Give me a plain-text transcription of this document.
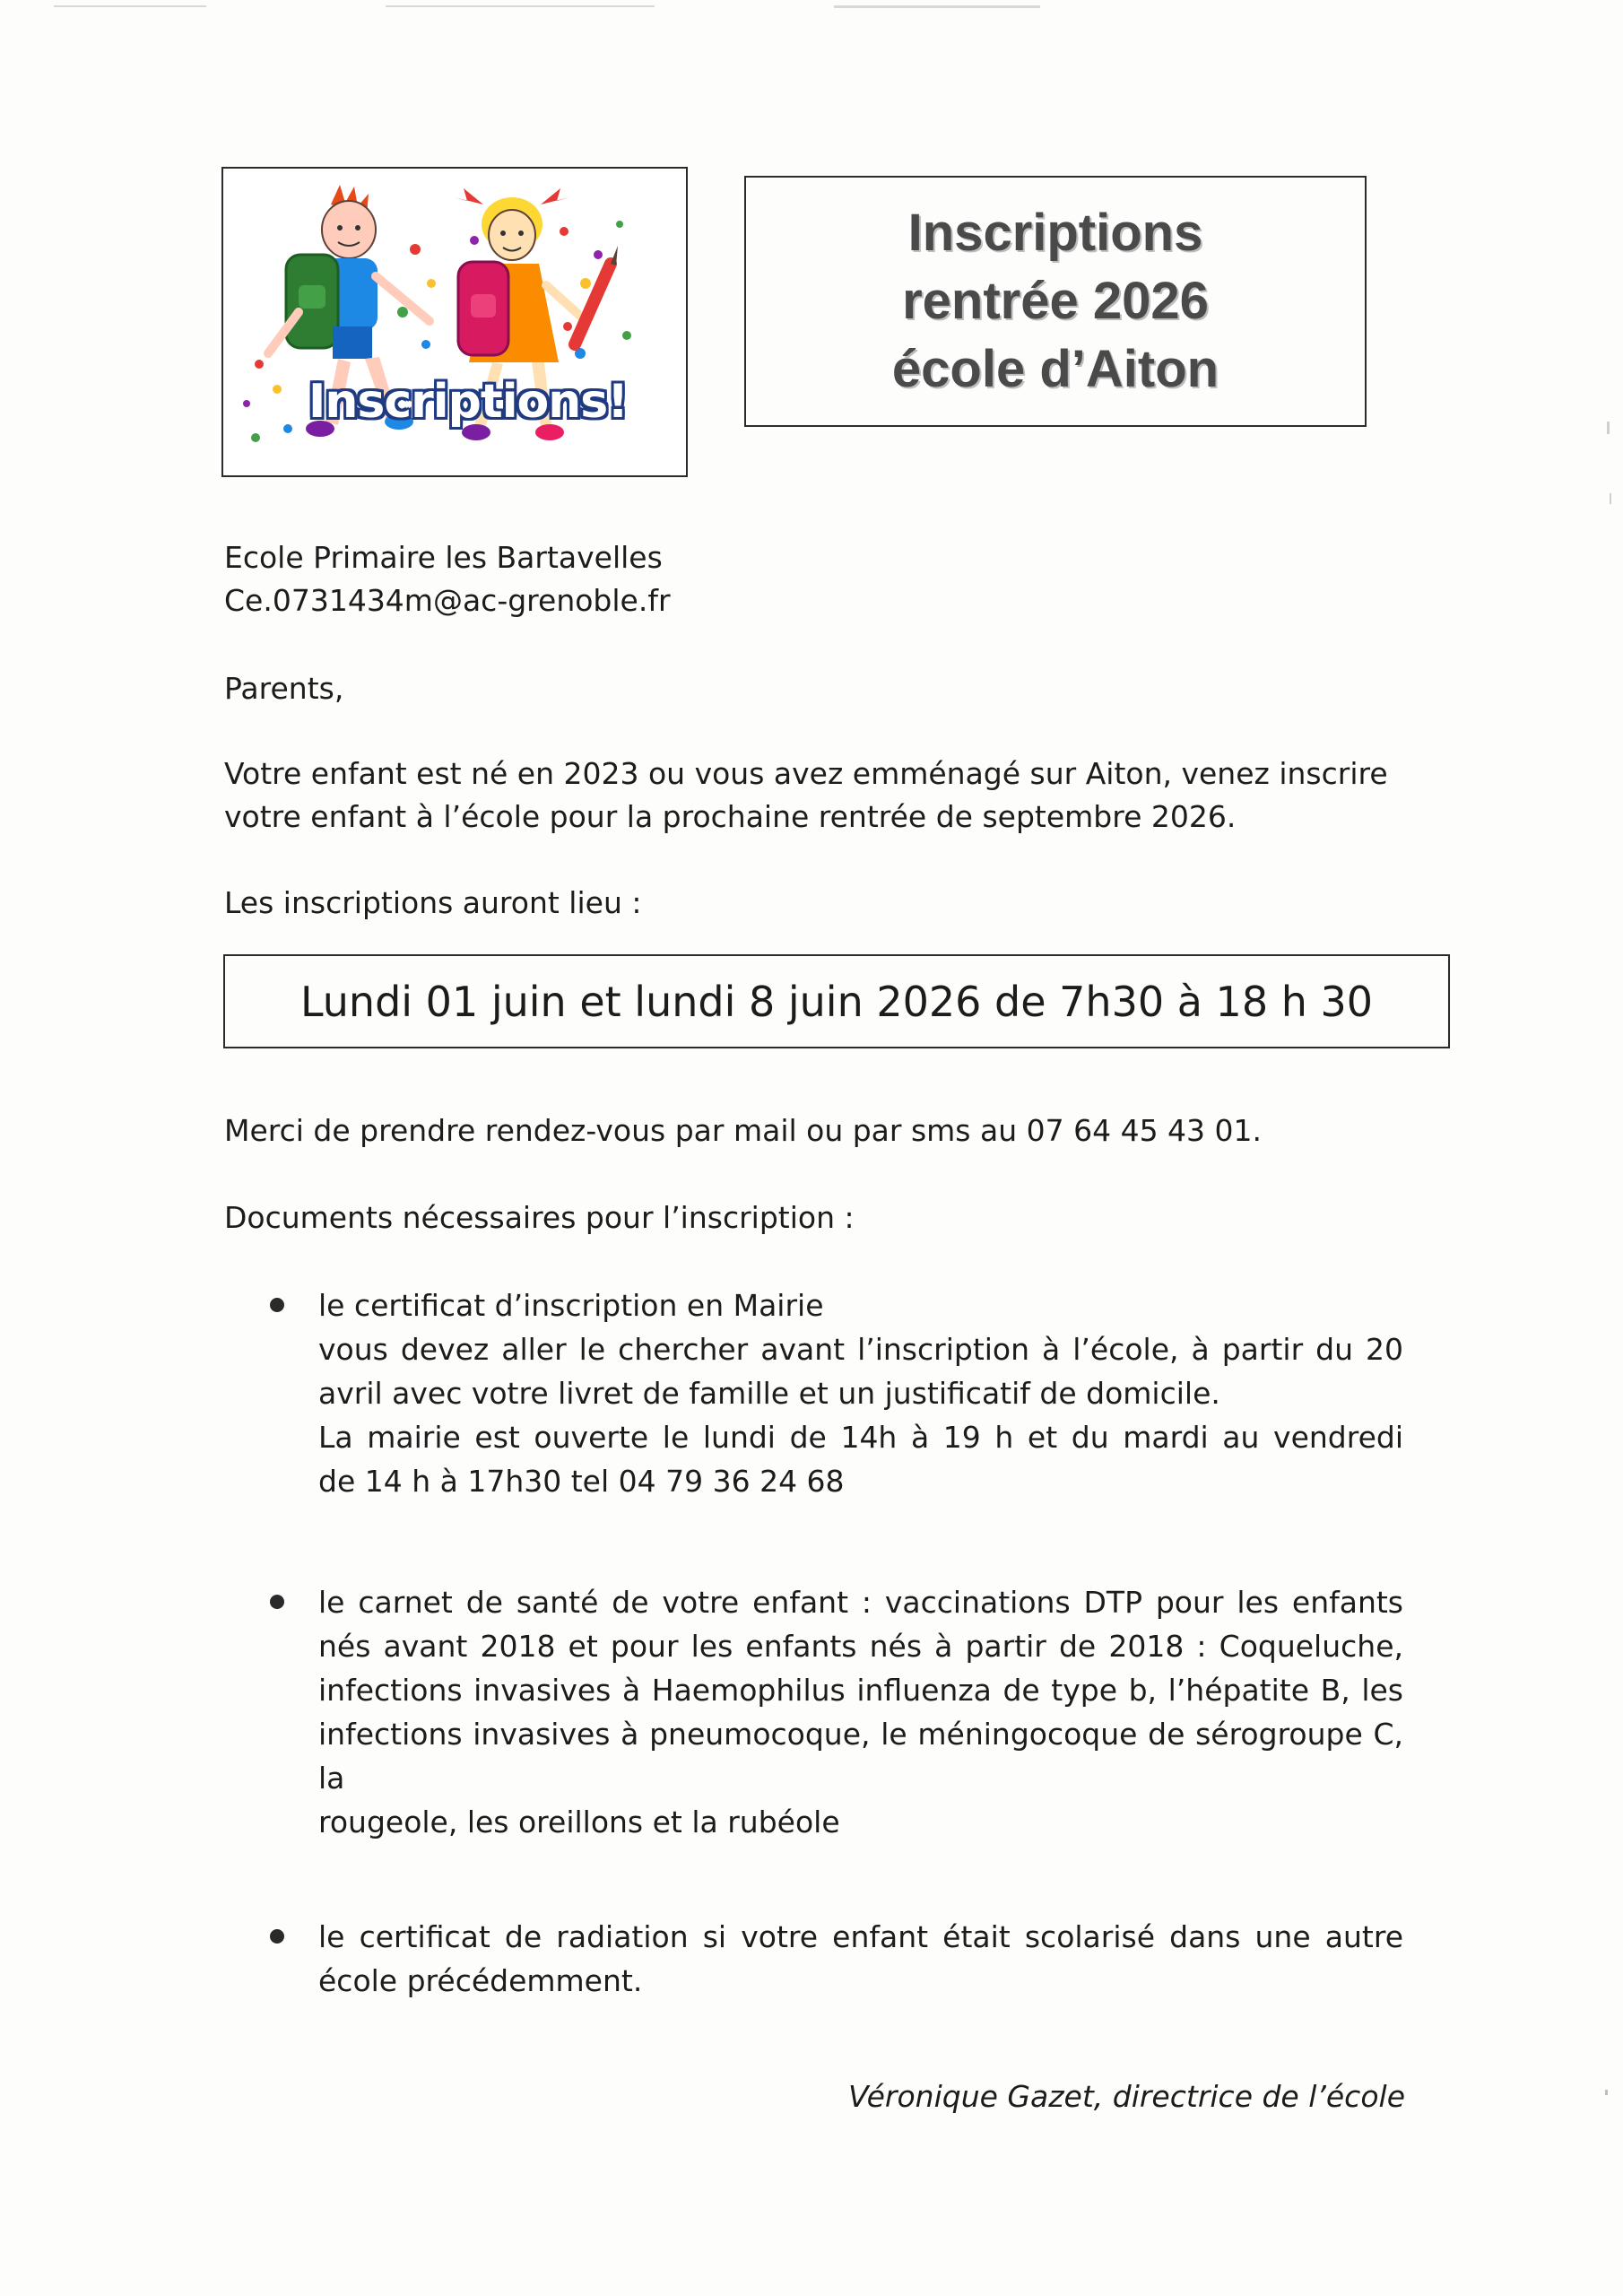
Inscriptions!
Inscriptions
rentrée 2026
école d’Aiton
Ecole Primaire les Bartavelles
Ce.0731434m@ac-grenoble.fr
Parents,
Votre enfant est né en 2023 ou vous avez emménagé sur Aiton, venez inscrire
votre enfant à l’école pour la prochaine rentrée de septembre 2026.
Les inscriptions auront lieu :
Lundi 01 juin et lundi 8 juin 2026 de 7h30 à 18 h 30
Merci de prendre rendez-vous par mail ou par sms au 07 64 45 43 01.
Documents nécessaires pour l’inscription :
le certificat d’inscription en Mairie
vous devez aller le chercher avant l’inscription à l’école, à partir du 20
avril avec votre livret de famille et un justificatif de domicile.
La mairie est ouverte le lundi de 14h à 19 h et du mardi au vendredi
de 14 h à 17h30 tel 04 79 36 24 68
le carnet de santé de votre enfant : vaccinations DTP pour les enfants
nés avant 2018 et pour les enfants nés à partir de 2018 : Coqueluche,
infections invasives à Haemophilus influenza de type b, l’hépatite B, les
infections invasives à pneumocoque, le méningocoque de sérogroupe C, la
rougeole, les oreillons et la rubéole
le certificat de radiation si votre enfant était scolarisé dans une autre
école précédemment.
Véronique Gazet, directrice de l’école
